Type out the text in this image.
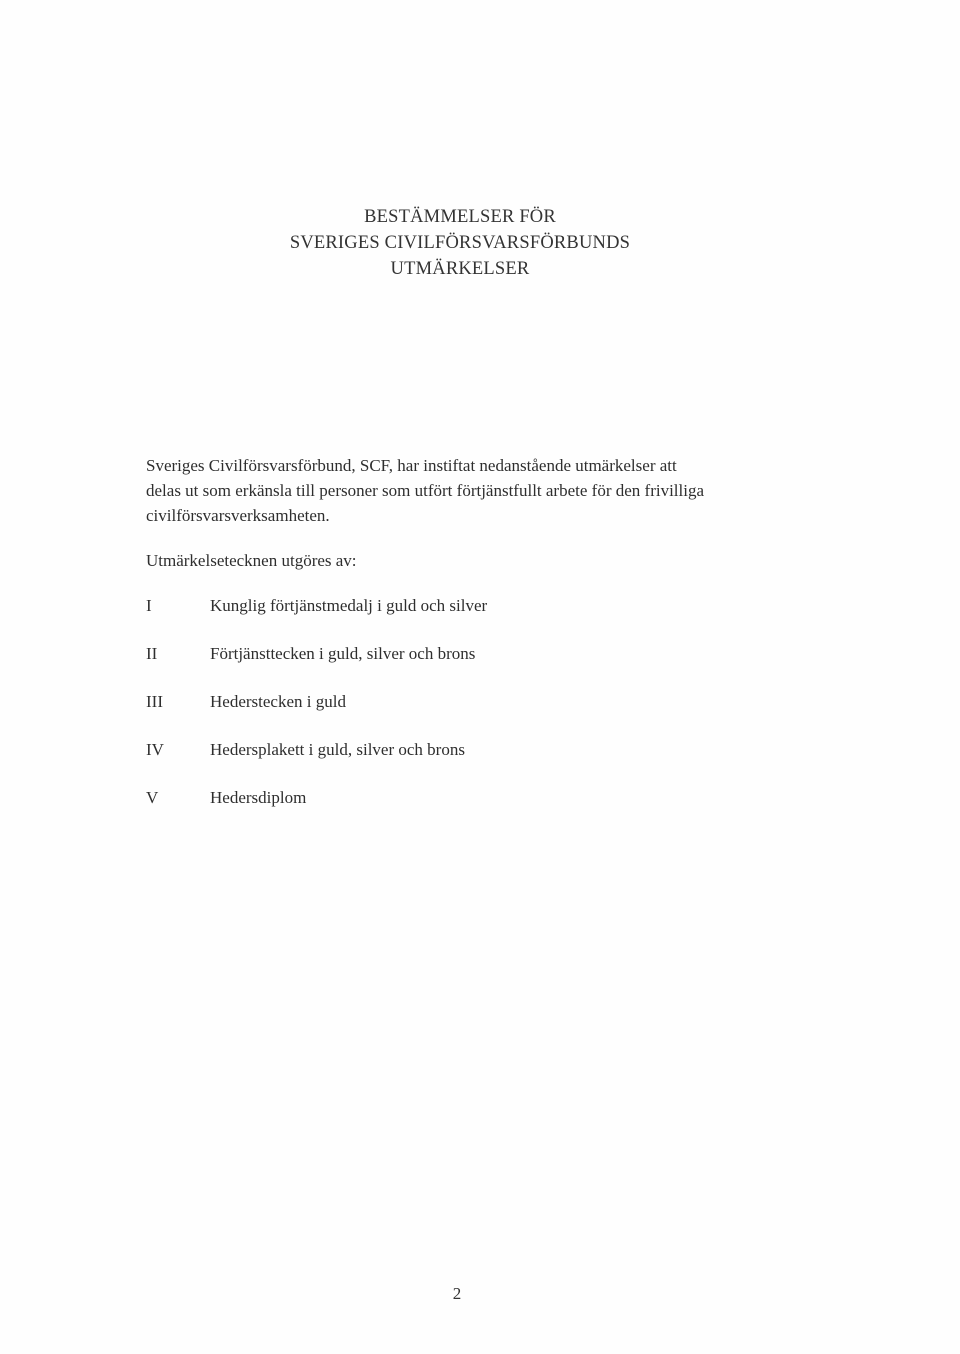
BESTÄMMELSER FÖR
SVERIGES CIVILFÖRSVARSFÖRBUNDS
UTMÄRKELSER
Sveriges Civilförsvarsförbund, SCF, har instiftat nedanstående utmärkelser att
delas ut som erkänsla till personer som utfört förtjänstfullt arbete för den frivilliga
civilförsvarsverksamheten.
Utmärkelsetecknen utgöres av:
I	Kunglig förtjänstmedalj i guld och silver
II	Förtjänsttecken i guld, silver och brons
III	Hederstecken i guld
IV	Hedersplakett i guld, silver och brons
V	Hedersdiplom
2
